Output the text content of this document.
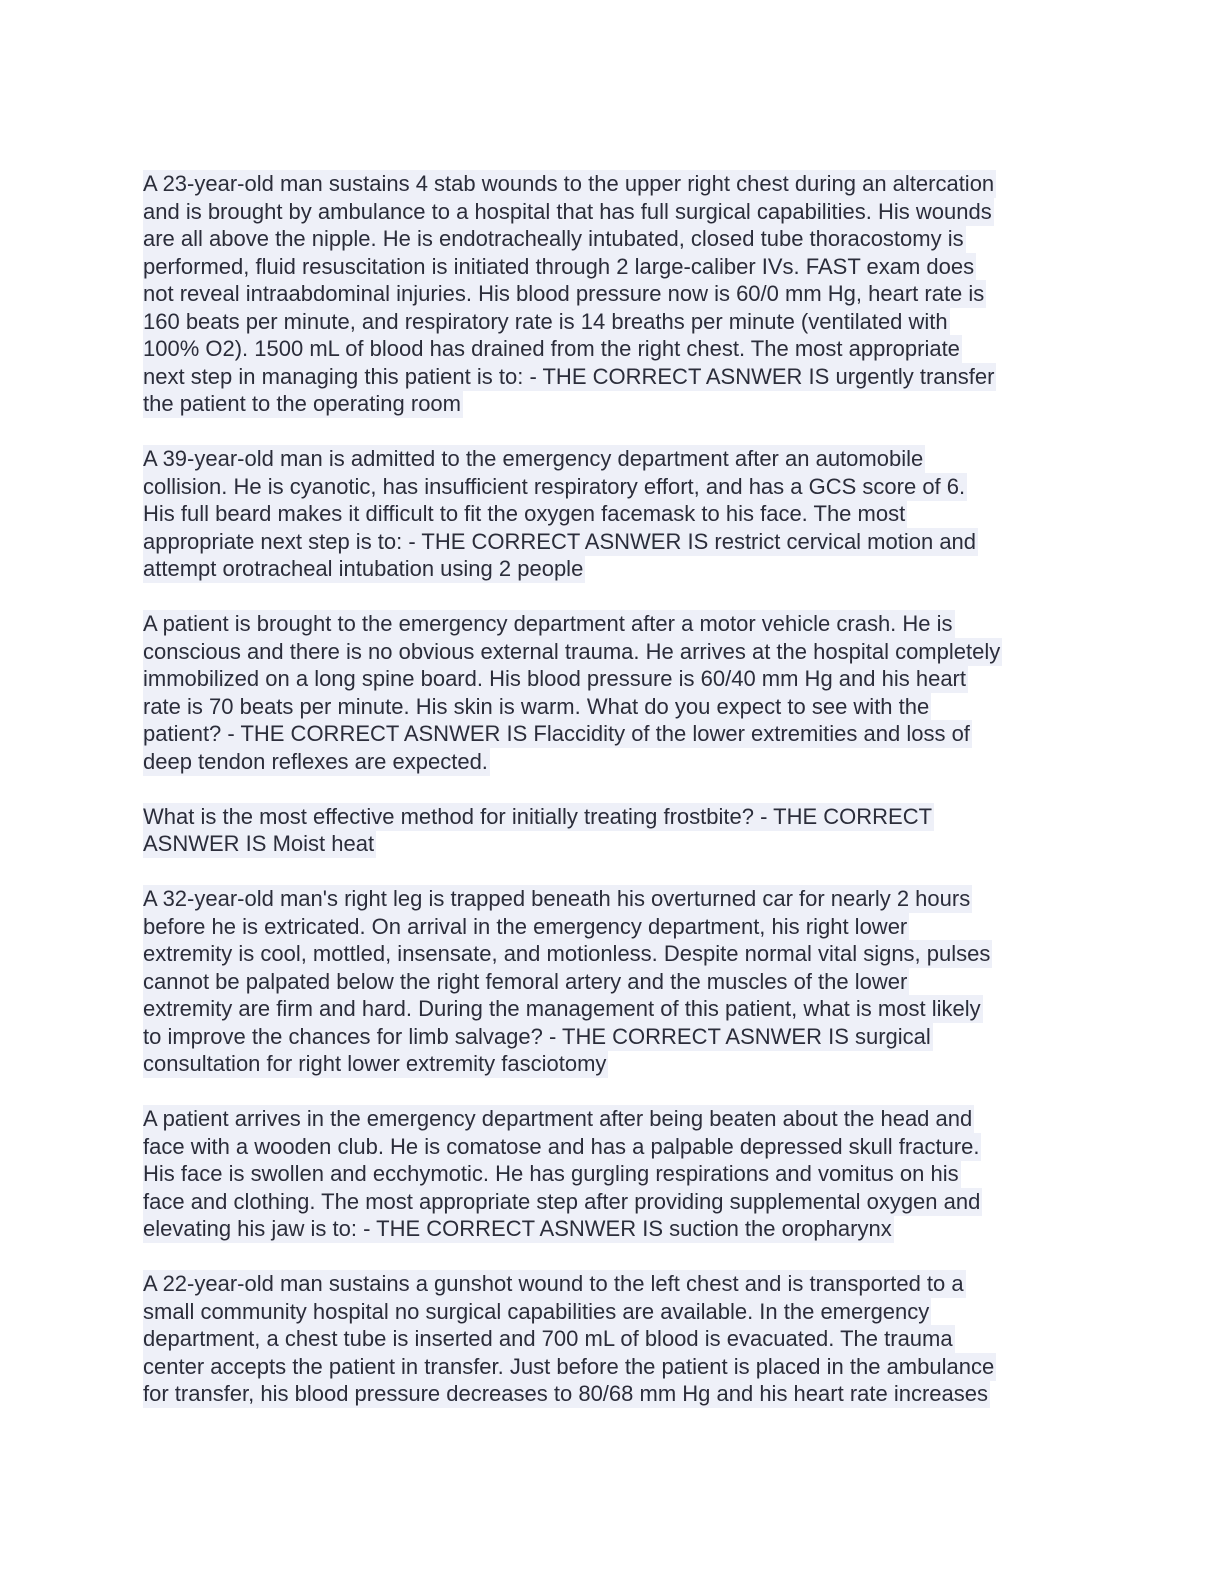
A 23-year-old man sustains 4 stab wounds to the upper right chest during an altercation
and is brought by ambulance to a hospital that has full surgical capabilities. His wounds
are all above the nipple. He is endotracheally intubated, closed tube thoracostomy is
performed, fluid resuscitation is initiated through 2 large-caliber IVs. FAST exam does
not reveal intraabdominal injuries. His blood pressure now is 60/0 mm Hg, heart rate is
160 beats per minute, and respiratory rate is 14 breaths per minute (ventilated with
100% O2). 1500 mL of blood has drained from the right chest. The most appropriate
next step in managing this patient is to: - THE CORRECT ASNWER IS urgently transfer
the patient to the operating room
A 39-year-old man is admitted to the emergency department after an automobile
collision. He is cyanotic, has insufficient respiratory effort, and has a GCS score of 6.
His full beard makes it difficult to fit the oxygen facemask to his face. The most
appropriate next step is to: - THE CORRECT ASNWER IS restrict cervical motion and
attempt orotracheal intubation using 2 people
A patient is brought to the emergency department after a motor vehicle crash. He is
conscious and there is no obvious external trauma. He arrives at the hospital completely
immobilized on a long spine board. His blood pressure is 60/40 mm Hg and his heart
rate is 70 beats per minute. His skin is warm. What do you expect to see with the
patient? - THE CORRECT ASNWER IS Flaccidity of the lower extremities and loss of
deep tendon reflexes are expected.
What is the most effective method for initially treating frostbite? - THE CORRECT
ASNWER IS Moist heat
A 32-year-old man's right leg is trapped beneath his overturned car for nearly 2 hours
before he is extricated. On arrival in the emergency department, his right lower
extremity is cool, mottled, insensate, and motionless. Despite normal vital signs, pulses
cannot be palpated below the right femoral artery and the muscles of the lower
extremity are firm and hard. During the management of this patient, what is most likely
to improve the chances for limb salvage? - THE CORRECT ASNWER IS surgical
consultation for right lower extremity fasciotomy
A patient arrives in the emergency department after being beaten about the head and
face with a wooden club. He is comatose and has a palpable depressed skull fracture.
His face is swollen and ecchymotic. He has gurgling respirations and vomitus on his
face and clothing. The most appropriate step after providing supplemental oxygen and
elevating his jaw is to: - THE CORRECT ASNWER IS suction the oropharynx
A 22-year-old man sustains a gunshot wound to the left chest and is transported to a
small community hospital no surgical capabilities are available. In the emergency
department, a chest tube is inserted and 700 mL of blood is evacuated. The trauma
center accepts the patient in transfer. Just before the patient is placed in the ambulance
for transfer, his blood pressure decreases to 80/68 mm Hg and his heart rate increases
